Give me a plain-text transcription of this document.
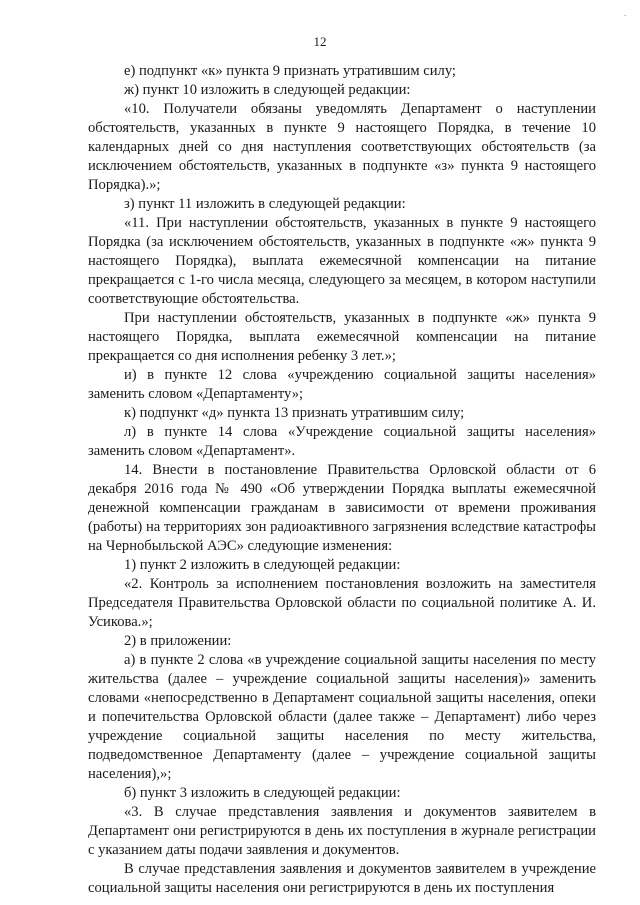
.
12

е) подпункт «к» пункта 9 признать утратившим силу;

ж) пункт 10 изложить в следующей редакции:

«10. Получатели обязаны уведомлять Департамент о наступлении обстоятельств, указанных в пункте 9 настоящего Порядка, в течение 10 календарных дней со дня наступления соответствующих обстоятельств (за исключением обстоятельств, указанных в подпункте «з» пункта 9 настоящего Порядка).»;

з) пункт 11 изложить в следующей редакции:

«11. При наступлении обстоятельств, указанных в пункте 9 настоящего Порядка (за исключением обстоятельств, указанных в подпункте «ж» пункта 9 настоящего Порядка), выплата ежемесячной компенсации на питание прекращается с 1-го числа месяца, следующего за месяцем, в котором наступили соответствующие обстоятельства.

При наступлении обстоятельств, указанных в подпункте «ж» пункта 9 настоящего Порядка, выплата ежемесячной компенсации на питание прекращается со дня исполнения ребенку 3 лет.»;

и) в пункте 12 слова «учреждению социальной защиты населения» заменить словом «Департаменту»;

к) подпункт «д» пункта 13 признать утратившим силу;

л) в пункте 14 слова «Учреждение социальной защиты населения» заменить словом «Департамент».

14. Внести в постановление Правительства Орловской области от 6 декабря 2016 года № 490 «Об утверждении Порядка выплаты ежемесячной денежной компенсации гражданам в зависимости от времени проживания (работы) на территориях зон радиоактивного загрязнения вследствие катастрофы на Чернобыльской АЭС» следующие изменения:

1) пункт 2 изложить в следующей редакции:

«2. Контроль за исполнением постановления возложить на заместителя Председателя Правительства Орловской области по социальной политике А. И. Усикова.»;

2) в приложении:

а) в пункте 2 слова «в учреждение социальной защиты населения по месту жительства (далее – учреждение социальной защиты населения)» заменить словами «непосредственно в Департамент социальной защиты населения, опеки и попечительства Орловской области (далее также – Департамент) либо через учреждение социальной защиты населения по месту жительства, подведомственное Департаменту (далее – учреждение социальной защиты населения),»;

б) пункт 3 изложить в следующей редакции:

«3. В случае представления заявления и документов заявителем в Департамент они регистрируются в день их поступления в журнале регистрации с указанием даты подачи заявления и документов.

В случае представления заявления и документов заявителем в учреждение социальной защиты населения они регистрируются в день их поступления
